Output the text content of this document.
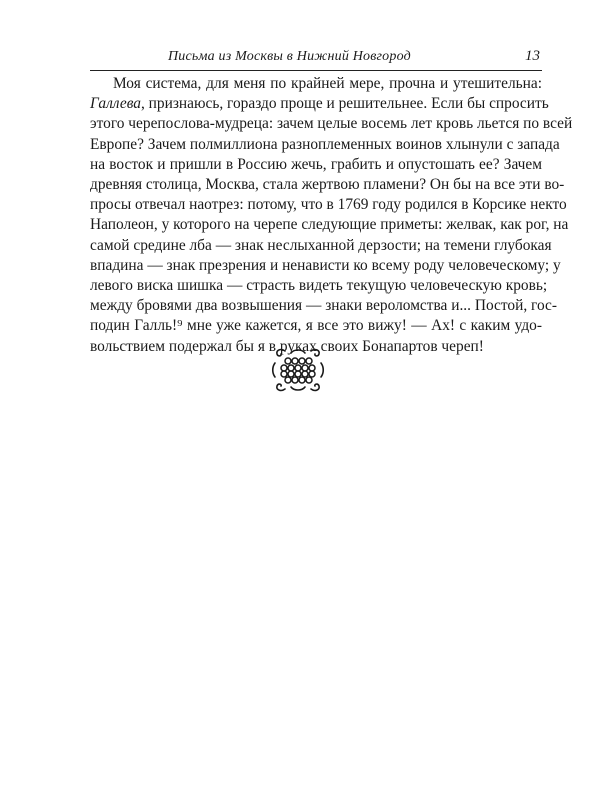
Письма из Москвы в Нижний Новгород	13
Моя система, для меня по крайней мере, прочна и утешительна:
Галлева, признаюсь, гораздо проще и решительнее. Если бы спросить
этого черепослова-мудреца: зачем целые восемь лет кровь льется по всей
Европе? Зачем полмиллиона разноплеменных воинов хлынули с запада
на восток и пришли в Россию жечь, грабить и опустошать ее? Зачем
древняя столица, Москва, стала жертвою пламени? Он бы на все эти во-
просы отвечал наотрез: потому, что в 1769 году родился в Корсике некто
Наполеон, у которого на черепе следующие приметы: желвак, как рог, на
самой средине лба — знак неслыханной дерзости; на темени глубокая
впадина — знак презрения и ненависти ко всему роду человеческому; у
левого виска шишка — страсть видеть текущую человеческую кровь;
между бровями два возвышения — знаки вероломства и... Постой, гос-
подин Галль!⁹ мне уже кажется, я все это вижу! — Ах! с каким удо-
вольствием подержал бы я в руках своих Бонапартов череп!
